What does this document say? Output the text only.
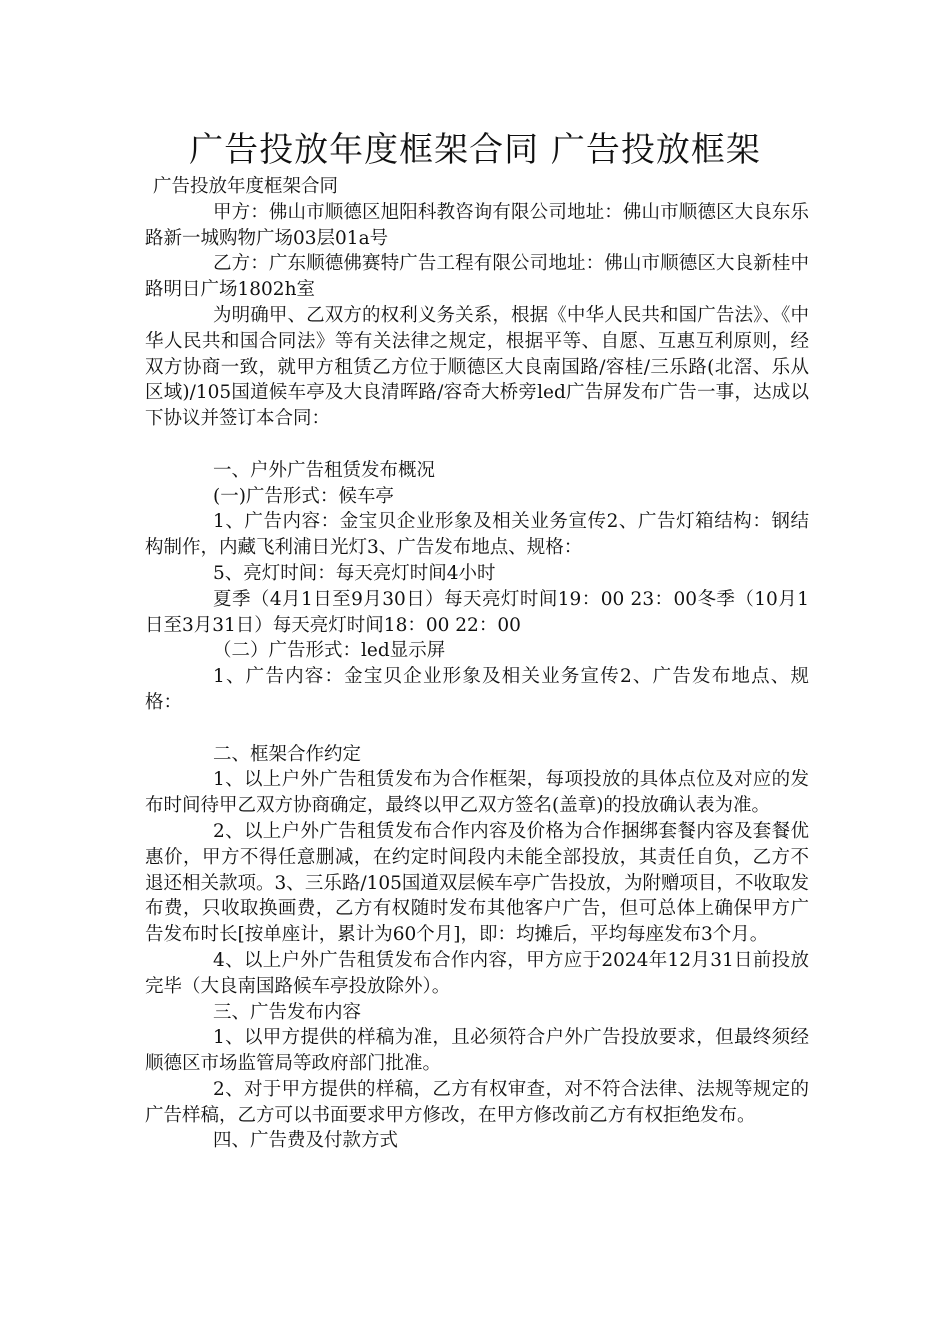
广告投放年度框架合同 广告投放框架

广告投放年度框架合同

甲方：佛山市顺德区旭阳科教咨询有限公司地址：佛山市顺德区大良东乐路新一城购物广场03层01a号

乙方：广东顺德佛赛特广告工程有限公司地址：佛山市顺德区大良新桂中路明日广场1802h室

为明确甲、乙双方的权利义务关系，根据《中华人民共和国广告法》、《中华人民共和国合同法》等有关法律之规定，根据平等、自愿、互惠互利原则，经双方协商一致，就甲方租赁乙方位于顺德区大良南国路/容桂/三乐路(北滘、乐从区域)/105国道候车亭及大良清晖路/容奇大桥旁led广告屏发布广告一事，达成以下协议并签订本合同：

一、户外广告租赁发布概况

(一)广告形式：候车亭

1、广告内容：金宝贝企业形象及相关业务宣传2、广告灯箱结构：钢结构制作，内藏飞利浦日光灯3、广告发布地点、规格：

5、亮灯时间：每天亮灯时间4小时

夏季（4月1日至9月30日）每天亮灯时间19：00 23：00冬季（10月1日至3月31日）每天亮灯时间18：00 22：00

（二）广告形式：led显示屏

1、广告内容：金宝贝企业形象及相关业务宣传2、广告发布地点、规格：

二、框架合作约定

1、以上户外广告租赁发布为合作框架，每项投放的具体点位及对应的发布时间待甲乙双方协商确定，最终以甲乙双方签名(盖章)的投放确认表为准。

2、以上户外广告租赁发布合作内容及价格为合作捆绑套餐内容及套餐优惠价，甲方不得任意删减，在约定时间段内未能全部投放，其责任自负，乙方不退还相关款项。3、三乐路/105国道双层候车亭广告投放，为附赠项目，不收取发布费，只收取换画费，乙方有权随时发布其他客户广告，但可总体上确保甲方广告发布时长[按单座计，累计为60个月]，即：均摊后，平均每座发布3个月。

4、以上户外广告租赁发布合作内容，甲方应于2024年12月31日前投放完毕（大良南国路候车亭投放除外）。

三、广告发布内容

1、以甲方提供的样稿为准，且必须符合户外广告投放要求，但最终须经顺德区市场监管局等政府部门批准。

2、对于甲方提供的样稿，乙方有权审查，对不符合法律、法规等规定的广告样稿，乙方可以书面要求甲方修改，在甲方修改前乙方有权拒绝发布。

四、广告费及付款方式
